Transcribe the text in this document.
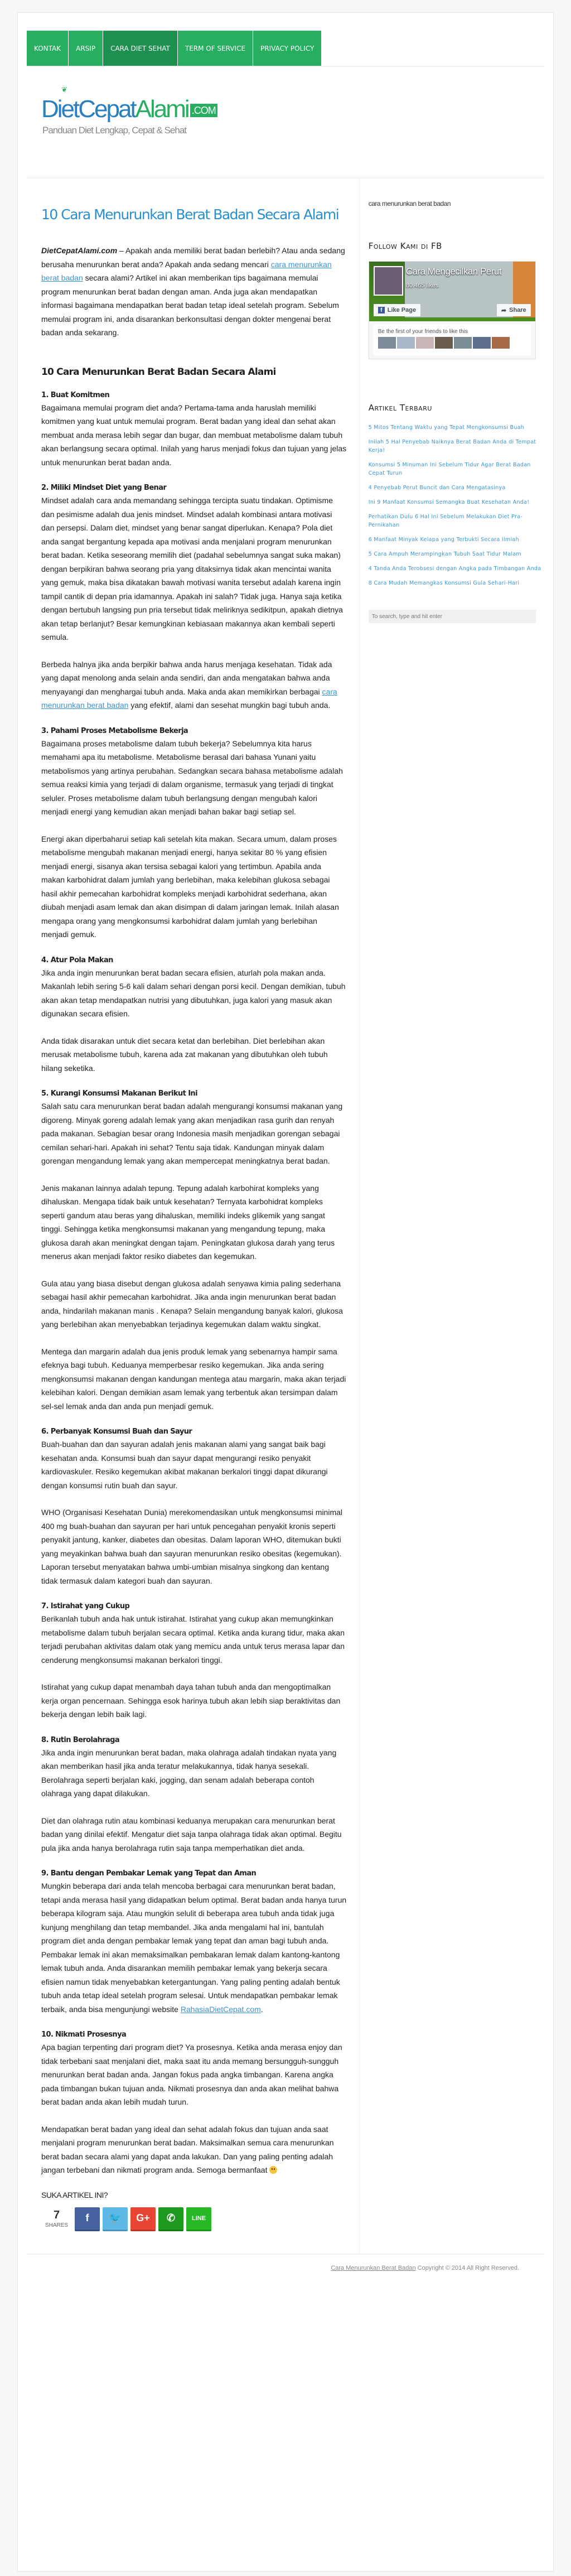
KONTAK	ARSIP	CARA DIET SEHAT	TERM OF SERVICE	PRIVACY POLICY
❦
DietCepatAlami .COM
Panduan Diet Lengkap, Cepat & Sehat
10 Cara Menurunkan Berat Badan Secara Alami

DietCepatAlami.com – Apakah anda memiliki berat badan berlebih? Atau anda sedang berusaha menurunkan berat anda? Apakah anda sedang mencari cara menurunkan berat badan secara alami? Artikel ini akan memberikan tips bagaimana memulai program menurunkan berat badan dengan aman. Anda juga akan mendapatkan informasi bagaimana mendapatkan berat badan tetap ideal setelah program. Sebelum memulai program ini, anda disarankan berkonsultasi dengan dokter mengenai berat badan anda sekarang.

10 Cara Menurunkan Berat Badan Secara Alami
1. Buat Komitmen

Bagaimana memulai program diet anda? Pertama-tama anda haruslah memiliki komitmen yang kuat untuk memulai program. Berat badan yang ideal dan sehat akan membuat anda merasa lebih segar dan bugar, dan membuat metabolisme dalam tubuh akan berlangsung secara optimal. Inilah yang harus menjadi fokus dan tujuan yang jelas untuk menurunkan berat badan anda.

2. Miliki Mindset Diet yang Benar

Mindset adalah cara anda memandang sehingga tercipta suatu tindakan. Optimisme dan pesimisme adalah dua jenis mindset. Mindset adalah kombinasi antara motivasi dan persepsi. Dalam diet, mindset yang benar sangat diperlukan. Kenapa? Pola diet anda sangat bergantung kepada apa motivasi anda menjalani program menurunkan berat badan. Ketika seseorang memilih diet (padahal sebelumnya sangat suka makan) dengan berpikiran bahwa seorang pria yang ditaksirnya tidak akan mencintai wanita yang gemuk, maka bisa dikatakan bawah motivasi wanita tersebut adalah karena ingin tampil cantik di depan pria idamannya. Apakah ini salah? Tidak juga. Hanya saja ketika dengan bertubuh langsing pun pria tersebut tidak meliriknya sedikitpun, apakah dietnya akan tetap berlanjut? Besar kemungkinan kebiasaan makannya akan kembali seperti semula.

Berbeda halnya jika anda berpikir bahwa anda harus menjaga kesehatan. Tidak ada yang dapat menolong anda selain anda sendiri, dan anda mengatakan bahwa anda menyayangi dan menghargai tubuh anda. Maka anda akan memikirkan berbagai cara menurunkan berat badan yang efektif, alami dan sesehat mungkin bagi tubuh anda.

3. Pahami Proses Metabolisme Bekerja

Bagaimana proses metabolisme dalam tubuh bekerja? Sebelumnya kita harus memahami apa itu metabolisme. Metabolisme berasal dari bahasa Yunani yaitu metabolismos yang artinya perubahan. Sedangkan secara bahasa metabolisme adalah semua reaksi kimia yang terjadi di dalam organisme, termasuk yang terjadi di tingkat seluler. Proses metabolisme dalam tubuh berlangsung dengan mengubah kalori menjadi energi yang kemudian akan menjadi bahan bakar bagi setiap sel.

Energi akan diperbaharui setiap kali setelah kita makan. Secara umum, dalam proses metabolisme mengubah makanan menjadi energi, hanya sekitar 80 % yang efisien menjadi energi, sisanya akan tersisa sebagai kalori yang tertimbun. Apabila anda makan karbohidrat dalam jumlah yang berlebihan, maka kelebihan glukosa sebagai hasil akhir pemecahan karbohidrat kompleks menjadi karbohidrat sederhana, akan diubah menjadi asam lemak dan akan disimpan di dalam jaringan lemak. Inilah alasan mengapa orang yang mengkonsumsi karbohidrat dalam jumlah yang berlebihan menjadi gemuk.

4. Atur Pola Makan

Jika anda ingin menurunkan berat badan secara efisien, aturlah pola makan anda. Makanlah lebih sering 5-6 kali dalam sehari dengan porsi kecil. Dengan demikian, tubuh akan akan tetap mendapatkan nutrisi yang dibutuhkan, juga kalori yang masuk akan digunakan secara efisien.

Anda tidak disarakan untuk diet secara ketat dan berlebihan. Diet berlebihan akan merusak metabolisme tubuh, karena ada zat makanan yang dibutuhkan oleh tubuh hilang seketika.

5. Kurangi Konsumsi Makanan Berikut Ini

Salah satu cara menurunkan berat badan adalah mengurangi konsumsi makanan yang digoreng. Minyak goreng adalah lemak yang akan menjadikan rasa gurih dan renyah pada makanan. Sebagian besar orang Indonesia masih menjadikan gorengan sebagai cemilan sehari-hari. Apakah ini sehat? Tentu saja tidak. Kandungan minyak dalam gorengan mengandung lemak yang akan mempercepat meningkatnya berat badan.

Jenis makanan lainnya adalah tepung. Tepung adalah karbohirat kompleks yang dihaluskan. Mengapa tidak baik untuk kesehatan? Ternyata karbohidrat kompleks seperti gandum atau beras yang dihaluskan, memiliki indeks glikemik yang sangat tinggi. Sehingga ketika mengkonsumsi makanan yang mengandung tepung, maka glukosa darah akan meningkat dengan tajam. Peningkatan glukosa darah yang terus menerus akan menjadi faktor resiko diabetes dan kegemukan.

Gula atau yang biasa disebut dengan glukosa adalah senyawa kimia paling sederhana sebagai hasil akhir pemecahan karbohidrat. Jika anda ingin menurunkan berat badan anda, hindarilah makanan manis . Kenapa? Selain mengandung banyak kalori, glukosa yang berlebihan akan menyebabkan terjadinya kegemukan dalam waktu singkat.

Mentega dan margarin adalah dua jenis produk lemak yang sebenarnya hampir sama efeknya bagi tubuh. Keduanya memperbesar resiko kegemukan. Jika anda sering mengkonsumsi makanan dengan kandungan mentega atau margarin, maka akan terjadi kelebihan kalori. Dengan demikian asam lemak yang terbentuk akan tersimpan dalam sel-sel lemak anda dan anda pun menjadi gemuk.

6. Perbanyak Konsumsi Buah dan Sayur

Buah-buahan dan dan sayuran adalah jenis makanan alami yang sangat baik bagi kesehatan anda. Konsumsi buah dan sayur dapat mengurangi resiko penyakit kardiovaskuler. Resiko kegemukan akibat makanan berkalori tinggi dapat dikurangi dengan konsumsi rutin buah dan sayur.

WHO (Organisasi Kesehatan Dunia) merekomendasikan untuk mengkonsumsi minimal 400 mg buah-buahan dan sayuran per hari untuk pencegahan penyakit kronis seperti penyakit jantung, kanker, diabetes dan obesitas. Dalam laporan WHO, ditemukan bukti yang meyakinkan bahwa buah dan sayuran menurunkan resiko obesitas (kegemukan). Laporan tersebut menyatakan bahwa umbi-umbian misalnya singkong dan kentang tidak termasuk dalam kategori buah dan sayuran.

7. Istirahat yang Cukup

Berikanlah tubuh anda hak untuk istirahat. Istirahat yang cukup akan memungkinkan metabolisme dalam tubuh berjalan secara optimal. Ketika anda kurang tidur, maka akan terjadi perubahan aktivitas dalam otak yang memicu anda untuk terus merasa lapar dan cenderung mengkonsumsi makanan berkalori tinggi.

Istirahat yang cukup dapat menambah daya tahan tubuh anda dan mengoptimalkan kerja organ pencernaan. Sehingga esok harinya tubuh akan lebih siap beraktivitas dan bekerja dengan lebih baik lagi.

8. Rutin Berolahraga

Jika anda ingin menurunkan berat badan, maka olahraga adalah tindakan nyata yang akan memberikan hasil jika anda teratur melakukannya, tidak hanya sesekali. Berolahraga seperti berjalan kaki, jogging, dan senam adalah beberapa contoh olahraga yang dapat dilakukan.

Diet dan olahraga rutin atau kombinasi keduanya merupakan cara menurunkan berat badan yang dinilai efektif. Mengatur diet saja tanpa olahraga tidak akan optimal. Begitu pula jika anda hanya berolahraga rutin saja tanpa memperhatikan diet anda.

9. Bantu dengan Pembakar Lemak yang Tepat dan Aman

Mungkin beberapa dari anda telah mencoba berbagai cara menurunkan berat badan, tetapi anda merasa hasil yang didapatkan belum optimal. Berat badan anda hanya turun beberapa kilogram saja. Atau mungkin selulit di beberapa area tubuh anda tidak juga kunjung menghilang dan tetap membandel. Jika anda mengalami hal ini, bantulah program diet anda dengan pembakar lemak yang tepat dan aman bagi tubuh anda. Pembakar lemak ini akan memaksimalkan pembakaran lemak dalam kantong-kantong lemak tubuh anda. Anda disarankan memilih pembakar lemak yang bekerja secara efisien namun tidak menyebabkan ketergantungan. Yang paling penting adalah bentuk tubuh anda tetap ideal setelah program selesai. Untuk mendapatkan pembakar lemak terbaik, anda bisa mengunjungi website RahasiaDietCepat.com.

10. Nikmati Prosesnya

Apa bagian terpenting dari program diet? Ya prosesnya. Ketika anda merasa enjoy dan tidak terbebani saat menjalani diet, maka saat itu anda memang bersungguh-sungguh menurunkan berat badan anda. Jangan fokus pada angka timbangan. Karena angka pada timbangan bukan tujuan anda. Nikmati prosesnya dan anda akan melihat bahwa berat badan anda akan lebih mudah turun.

Mendapatkan berat badan yang ideal dan sehat adalah fokus dan tujuan anda saat menjalani program menurunkan berat badan. Maksimalkan semua cara menurunkan berat badan secara alami yang dapat anda lakukan. Dan yang paling penting adalah jangan terbebani dan nikmati program anda. Semoga bermanfaat

SUKA ARTIKEL INI?
7
SHARES
f 🐦 G+ ✆	LINE
cara menurunkan berat badan
Follow Kami di FB
Cara Mengecilkan Perut
80.465 likes
f Like Page	➦ Share
Be the first of your friends to like this
Artikel Terbaru
5 Mitos Tentang Waktu yang Tepat Mengkonsumsi Buah
Inilah 5 Hal Penyebab Naiknya Berat Badan Anda di Tempat Kerja!
Konsumsi 5 Minuman Ini Sebelum Tidur Agar Berat Badan Cepat Turun
4 Penyebab Perut Buncit dan Cara Mengatasinya
Ini 9 Manfaat Konsumsi Semangka Buat Kesehatan Anda!
Perhatikan Dulu 6 Hal Ini Sebelum Melakukan Diet Pra-Pernikahan
6 Manfaat Minyak Kelapa yang Terbukti Secara Ilmiah
5 Cara Ampuh Merampingkan Tubuh Saat Tidur Malam
4 Tanda Anda Terobsesi dengan Angka pada Timbangan Anda
8 Cara Mudah Memangkas Konsumsi Gula Sehari-Hari
To search, type and hit enter
Cara Menurunkan Berat Badan Copyright © 2014 All Right Reserved.
